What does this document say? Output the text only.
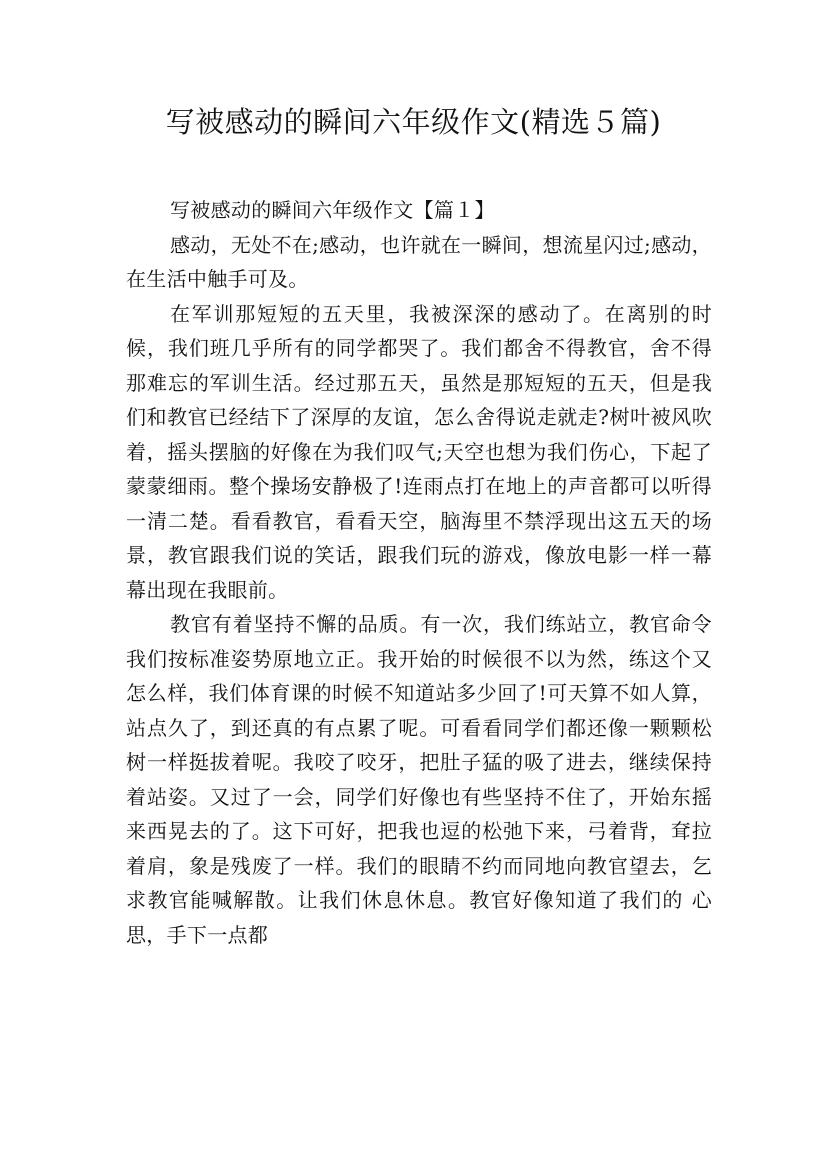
写被感动的瞬间六年级作文(精选５篇)

写被感动的瞬间六年级作文【篇１】

感动，无处不在;感动，也许就在一瞬间，想流星闪过;感动，在生活中触手可及。

在军训那短短的五天里，我被深深的感动了。在离别的时候，我们班几乎所有的同学都哭了。我们都舍不得教官，舍不得那难忘的军训生活。经过那五天，虽然是那短短的五天，但是我们和教官已经结下了深厚的友谊，怎么舍得说走就走?树叶被风吹着，摇头摆脑的好像在为我们叹气;天空也想为我们伤心，下起了蒙蒙细雨。整个操场安静极了!连雨点打在地上的声音都可以听得一清二楚。看看教官，看看天空，脑海里不禁浮现出这五天的场景，教官跟我们说的笑话，跟我们玩的游戏，像放电影一样一幕幕出现在我眼前。

教官有着坚持不懈的品质。有一次，我们练站立，教官命令我们按标准姿势原地立正。我开始的时候很不以为然，练这个又怎么样，我们体育课的时候不知道站多少回了!可天算不如人算，站点久了，到还真的有点累了呢。可看看同学们都还像一颗颗松树一样挺拔着呢。我咬了咬牙，把肚子猛的吸了进去，继续保持着站姿。又过了一会，同学们好像也有些坚持不住了，开始东摇来西晃去的了。这下可好，把我也逗的松弛下来，弓着背，耷拉着肩，象是残废了一样。我们的眼睛不约而同地向教官望去，乞求教官能喊解散。让我们休息休息。教官好像知道了我们的 心思，手下一点都
